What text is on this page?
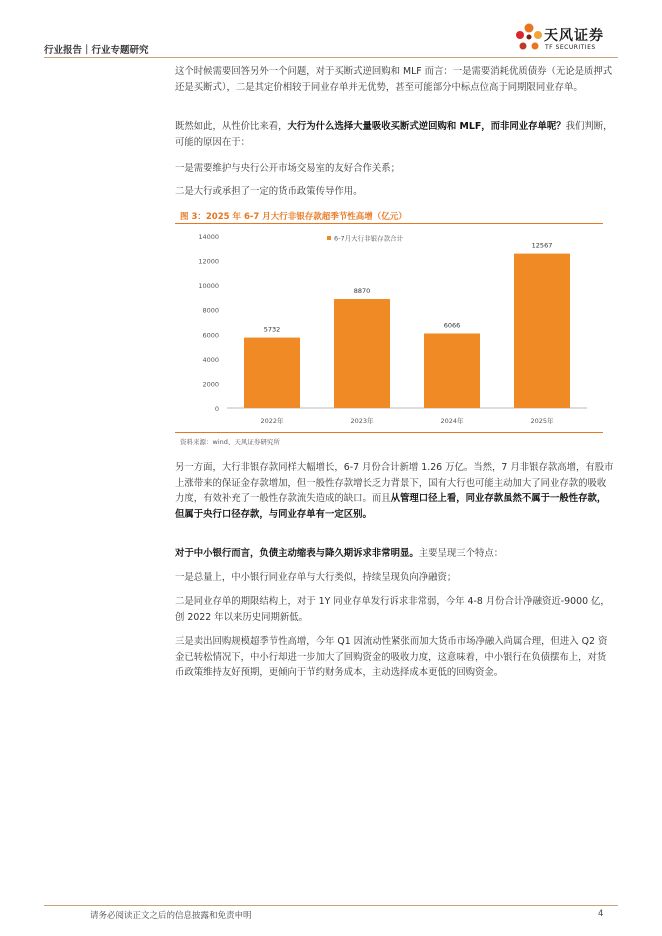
行业报告｜行业专题研究
天风证券
TF SECURITIES
这个时候需要回答另外一个问题，对于买断式逆回购和 MLF 而言：一是需要消耗优质债券（无论是质押式还是买断式），二是其定价相较于同业存单并无优势，甚至可能部分中标点位高于同期限同业存单。
既然如此，从性价比来看，大行为什么选择大量吸收买断式逆回购和 MLF，而非同业存单呢？我们判断，可能的原因在于：
一是需要维护与央行公开市场交易室的友好合作关系；
二是大行或承担了一定的货币政策传导作用。
图 3：2025 年 6-7 月大行非银存款超季节性高增（亿元）
0
2000
4000
6000
8000
10000
12000
14000	6-7月大行非银存款合计
5732
2022年
8870
2023年
6066
2024年
12567
2025年
资料来源：wind、天风证券研究所
另一方面，大行非银存款同样大幅增长，6-7 月份合计新增 1.26 万亿。当然，7 月非银存款高增，有股市上涨带来的保证金存款增加，但一般性存款增长乏力背景下，国有大行也可能主动加大了同业存款的吸收力度，有效补充了一般性存款流失造成的缺口。而且从管理口径上看，同业存款虽然不属于一般性存款，但属于央行口径存款，与同业存单有一定区别。
对于中小银行而言，负债主动缩表与降久期诉求非常明显。主要呈现三个特点：
一是总量上，中小银行同业存单与大行类似，持续呈现负向净融资；
二是同业存单的期限结构上，对于 1Y 同业存单发行诉求非常弱，今年 4-8 月份合计净融资近-9000 亿，创 2022 年以来历史同期新低。
三是卖出回购规模超季节性高增，今年 Q1 因流动性紧张而加大货币市场净融入尚属合理，但进入 Q2 资金已转松情况下，中小行却进一步加大了回购资金的吸收力度，这意味着，中小银行在负债摆布上，对货币政策维持友好预期，更倾向于节约财务成本，主动选择成本更低的回购资金。
请务必阅读正文之后的信息披露和免责申明	4
